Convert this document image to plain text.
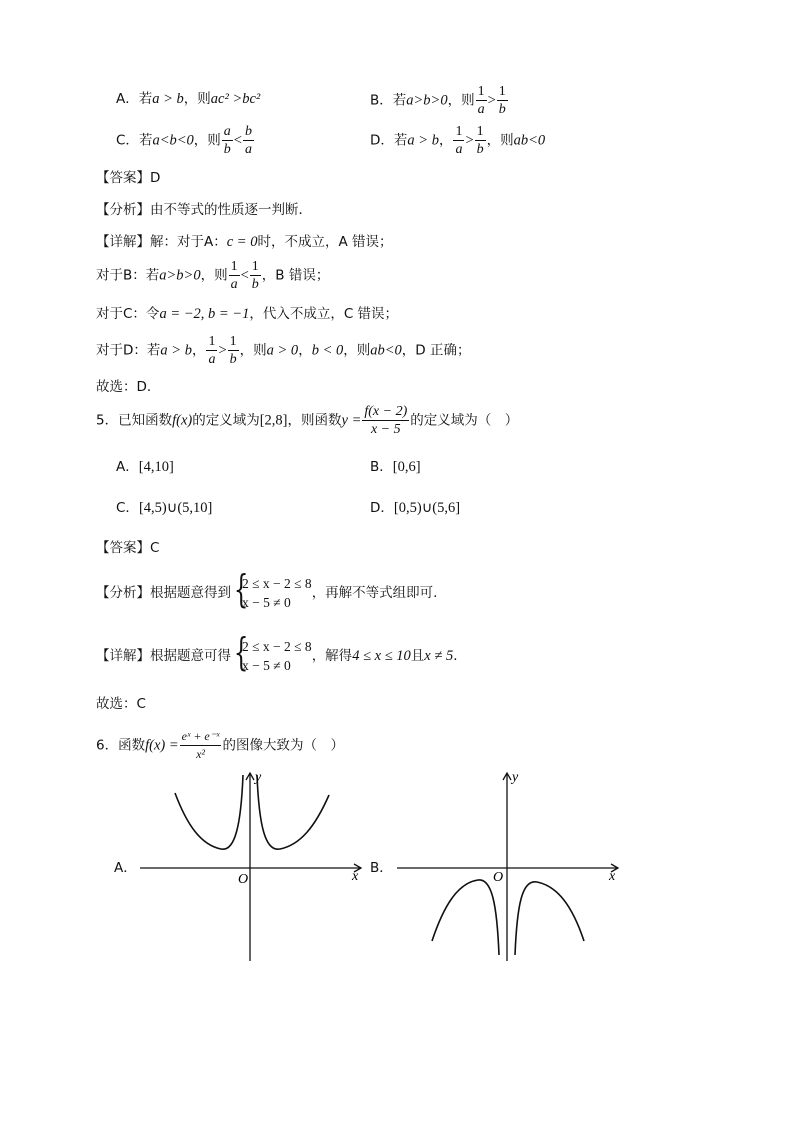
A．若a > b，则ac² >bc²	B．若a>b>0，则 $\frac{1}{a} > \frac{1}{b}$
C．若a<b<0，则 $\frac{a}{b} < \frac{b}{a}$	D．若a > b， $\frac{1}{a} > \frac{1}{b}$ ，则ab<0
【答案】D
【分析】由不等式的性质逐一判断．
【详解】解：对于A：c = 0时，不成立，A 错误；
对于B：若a>b>0，则 $\frac{1}{a} < \frac{1}{b}$ ，B 错误；
对于C：令a = −2, b = −1，代入不成立，C 错误；
对于D：若a > b， $\frac{1}{a} > \frac{1}{b}$ ，则a > 0，b < 0，则ab<0，D 正确；
故选：D．
5．已知函数f(x)的定义域为[2,8]，则函数$y = \frac{f(x - 2)}{x - 5}$ 的定义域为（　）
A．[4,10]	B．[0,6]
C．[4,5)∪(5,10]	D．[0,5)∪(5,6]
【答案】C
【分析】根据题意得到 {
2 ≤ x − 2 ≤ 8
x − 5 ≠ 0
，再解不等式组即可.
【详解】根据题意可得 {
2 ≤ x − 2 ≤ 8
x − 5 ≠ 0
，解得4 ≤ x ≤ 10且x ≠ 5．
故选：C
6．函数$f(x) = \frac{\text{eˣ + e⁻ˣ}}{\text{x²}}$ 的图像大致为（　）
A．
O	x
y
B．
O	x
y
